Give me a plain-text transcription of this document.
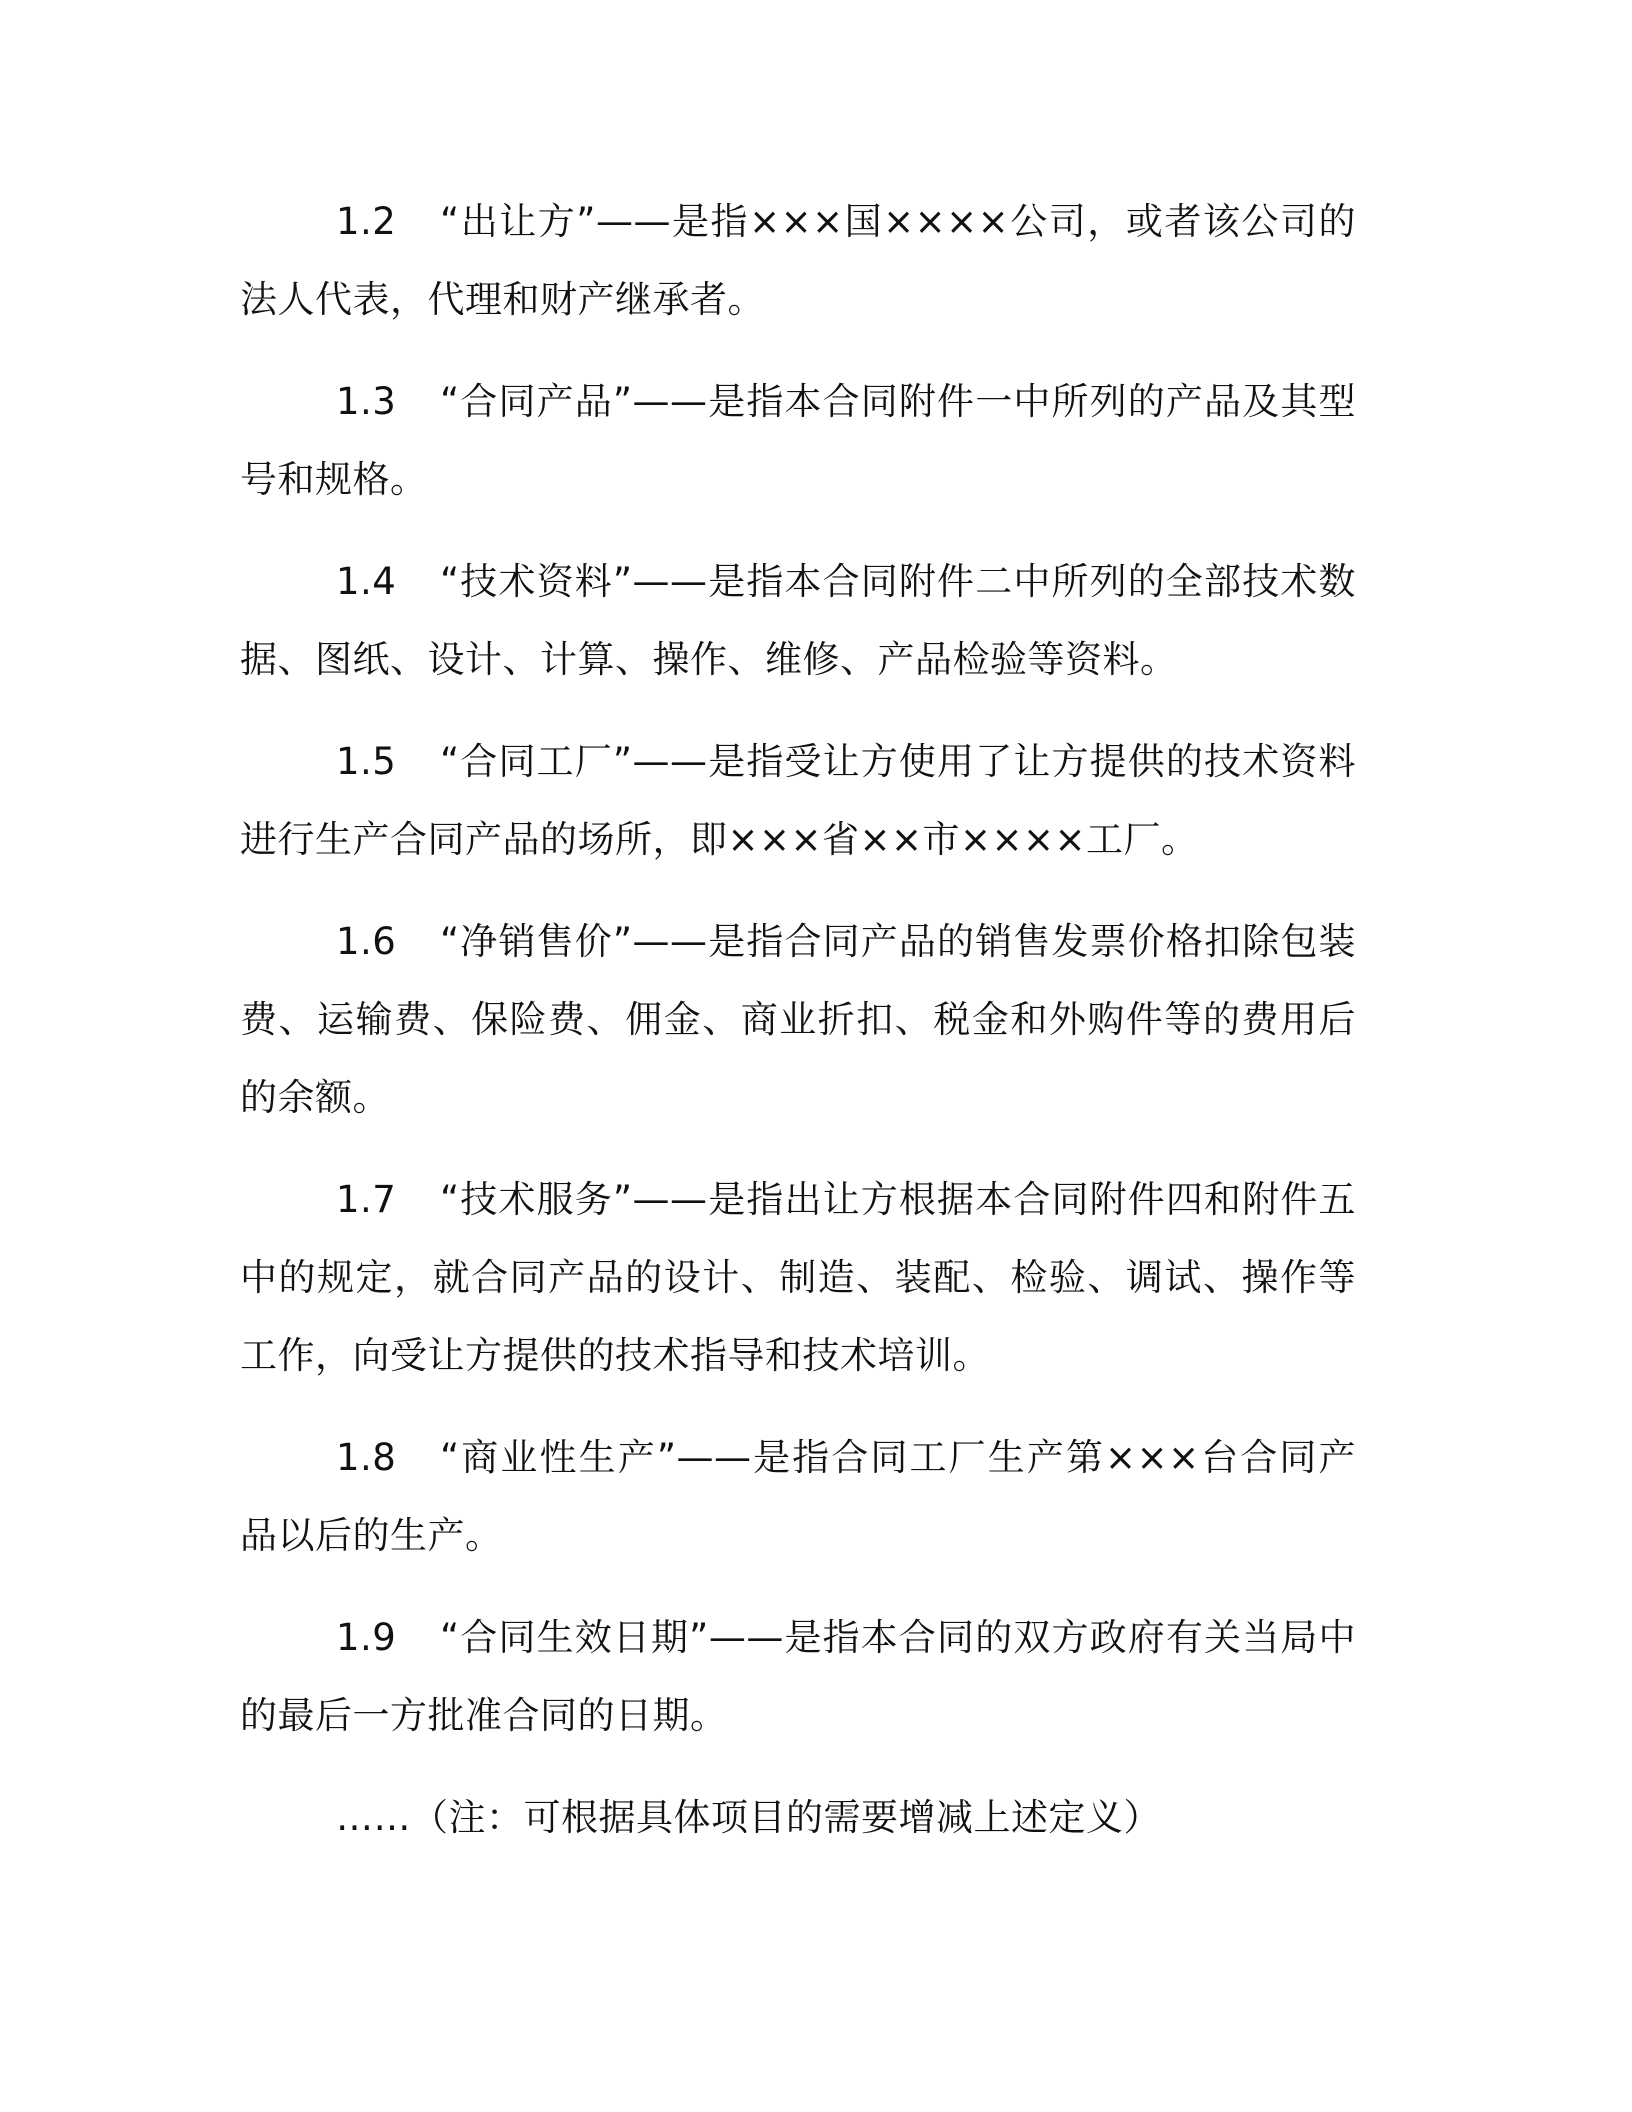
1.2 “出让方”——是指×××国××××公司，或者该公司的法人代表，代理和财产继承者。

1.3 “合同产品”——是指本合同附件一中所列的产品及其型号和规格。

1.4 “技术资料”——是指本合同附件二中所列的全部技术数据、图纸、设计、计算、操作、维修、产品检验等资料。

1.5 “合同工厂”——是指受让方使用了让方提供的技术资料进行生产合同产品的场所，即×××省××市××××工厂。

1.6 “净销售价”——是指合同产品的销售发票价格扣除包装费、运输费、保险费、佣金、商业折扣、税金和外购件等的费用后的余额。

1.7 “技术服务”——是指出让方根据本合同附件四和附件五中的规定，就合同产品的设计、制造、装配、检验、调试、操作等工作，向受让方提供的技术指导和技术培训。

1.8 “商业性生产”——是指合同工厂生产第×××台合同产品以后的生产。

1.9 “合同生效日期”——是指本合同的双方政府有关当局中的最后一方批准合同的日期。

……（注：可根据具体项目的需要增减上述定义）
